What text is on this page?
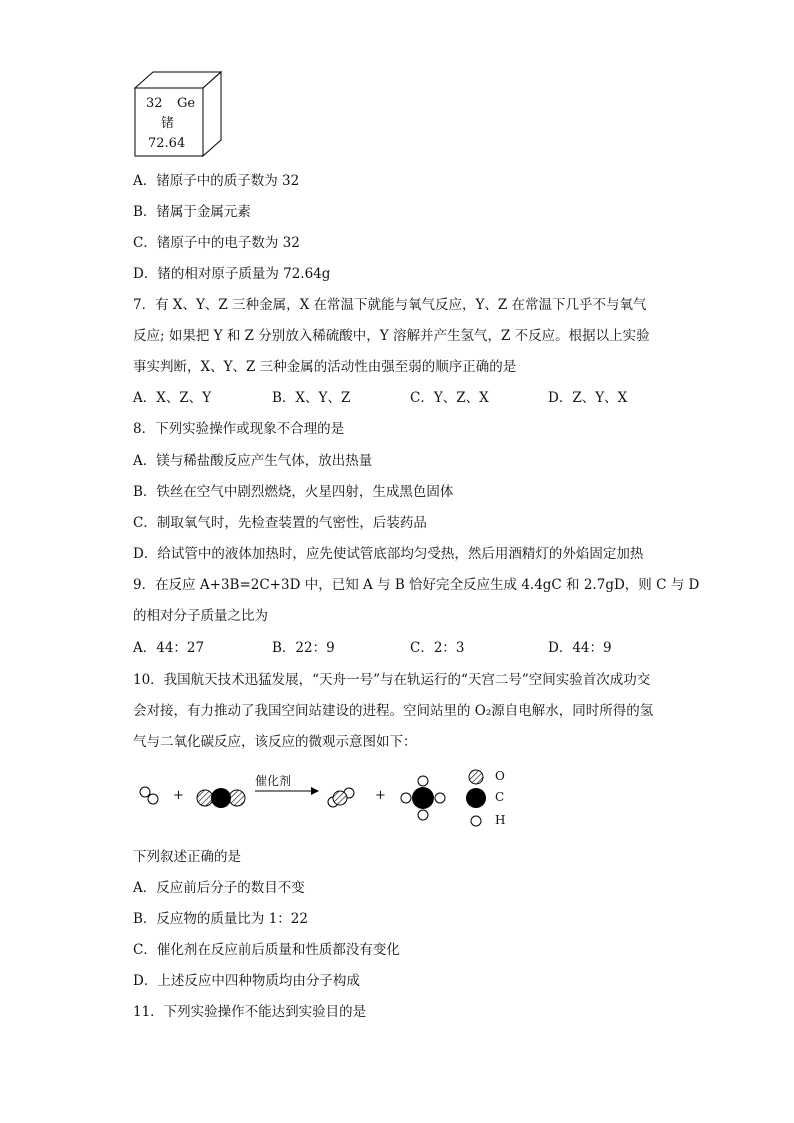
32 Ge
锗
72.64
A．锗原子中的质子数为 32
B．锗属于金属元素
C．锗原子中的电子数为 32
D．锗的相对原子质量为 72.64g
7．有 X、Y、Z 三种金属，X 在常温下就能与氧气反应，Y、Z 在常温下几乎不与氧气
反应; 如果把 Y 和 Z 分别放入稀硫酸中，Y 溶解并产生氢气，Z 不反应。根据以上实验
事实判断，X、Y、Z 三种金属的活动性由强至弱的顺序正确的是
A．X、Z、Y	B．X、Y、Z	C．Y、Z、X	D．Z、Y、X
8．下列实验操作或现象不合理的是
A．镁与稀盐酸反应产生气体，放出热量
B．铁丝在空气中剧烈燃烧，火星四射，生成黑色固体
C．制取氧气时，先检查装置的气密性，后装药品
D．给试管中的液体加热时，应先使试管底部均匀受热，然后用酒精灯的外焰固定加热
9．在反应 A+3B=2C+3D 中，已知 A 与 B 恰好完全反应生成 4.4gC 和 2.7gD，则 C 与 D
的相对分子质量之比为
A．44：27	B．22：9	C．2：3	D．44：9
10．我国航天技术迅猛发展，“天舟一号”与在轨运行的“天宫二号”空间实验首次成功交
会对接，有力推动了我国空间站建设的进程。空间站里的 O₂源自电解水，同时所得的氢
气与二氧化碳反应，该反应的微观示意图如下：
+	+
催化剂	O
C
H
下列叙述正确的是
A．反应前后分子的数目不变
B．反应物的质量比为 1：22
C．催化剂在反应前后质量和性质都没有变化
D．上述反应中四种物质均由分子构成
11．下列实验操作不能达到实验目的是
